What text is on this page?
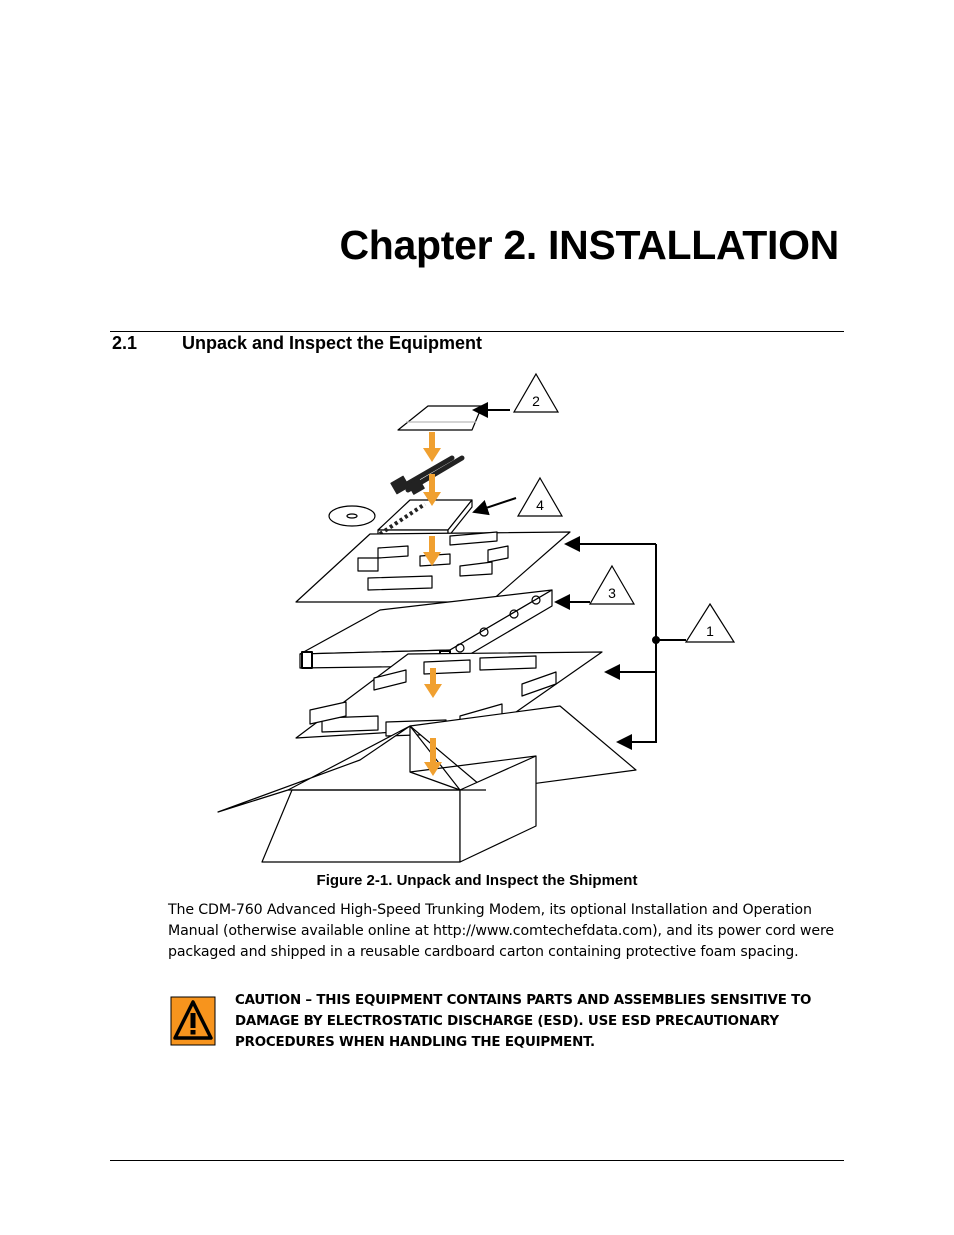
Chapter 2. INSTALLATION
2.1 Unpack and Inspect the Equipment
2
4
3
1

Figure 2-1. Unpack and Inspect the Shipment

The CDM-760 Advanced High-Speed Trunking Modem, its optional Installation and Operation Manual (otherwise available online at http://www.comtechefdata.com), and its power cord were packaged and shipped in a reusable cardboard carton containing protective foam spacing.

CAUTION – THIS EQUIPMENT CONTAINS PARTS AND ASSEMBLIES SENSITIVE TO DAMAGE BY ELECTROSTATIC DISCHARGE (ESD). USE ESD PRECAUTIONARY PROCEDURES WHEN HANDLING THE EQUIPMENT.
